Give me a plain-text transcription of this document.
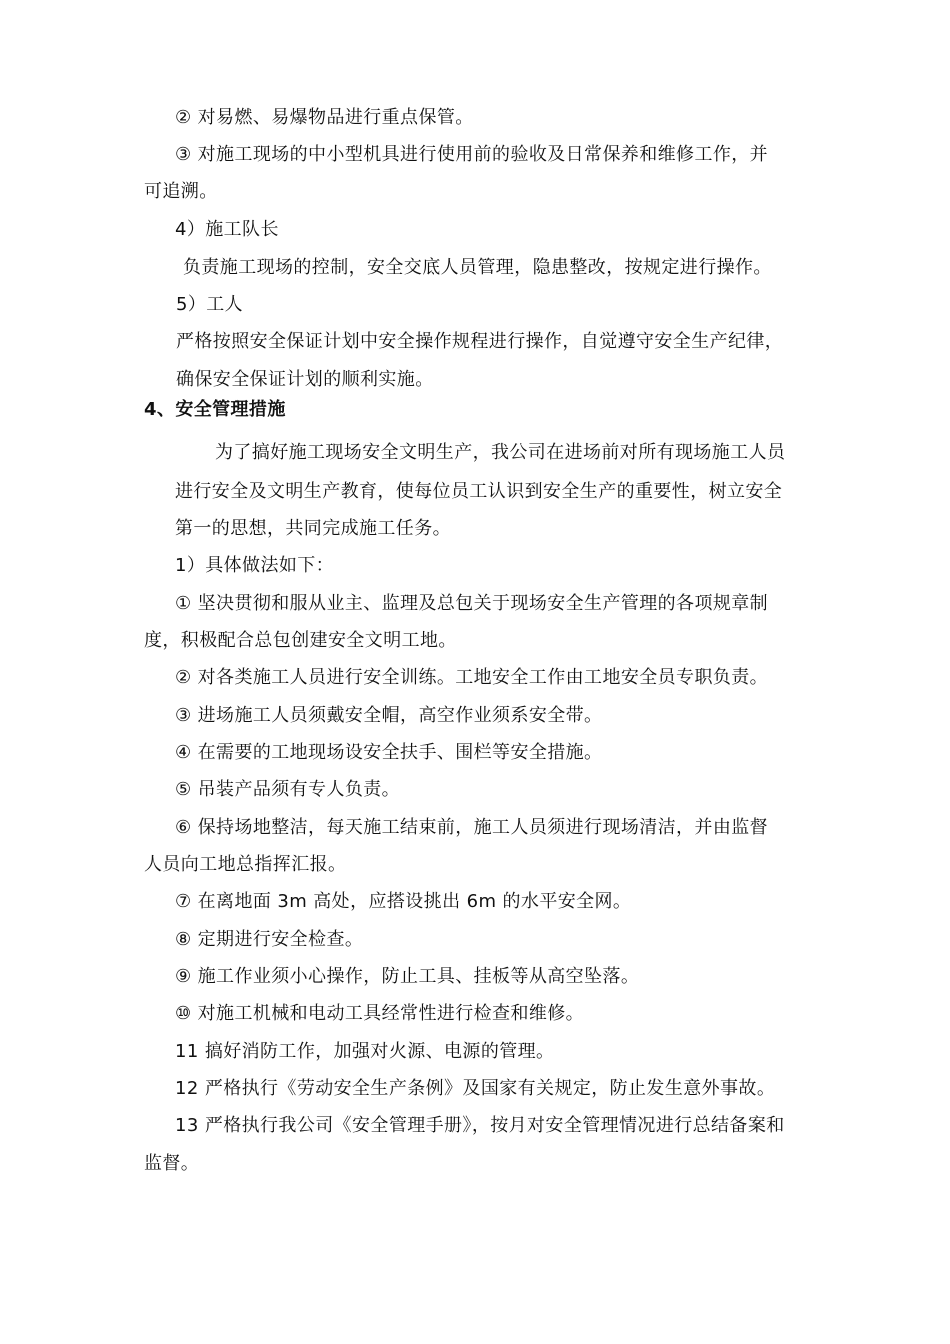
② 对易燃、易爆物品进行重点保管。

③ 对施工现场的中小型机具进行使用前的验收及日常保养和维修工作，并

可追溯。

4）施工队长

负责施工现场的控制，安全交底人员管理，隐患整改，按规定进行操作。

5）工人

严格按照安全保证计划中安全操作规程进行操作，自觉遵守安全生产纪律，

确保安全保证计划的顺利实施。

4、安全管理措施

为了搞好施工现场安全文明生产，我公司在进场前对所有现场施工人员

进行安全及文明生产教育，使每位员工认识到安全生产的重要性，树立安全

第一的思想，共同完成施工任务。

1）具体做法如下：

① 坚决贯彻和服从业主、监理及总包关于现场安全生产管理的各项规章制

度，积极配合总包创建安全文明工地。

② 对各类施工人员进行安全训练。工地安全工作由工地安全员专职负责。

③ 进场施工人员须戴安全帽，高空作业须系安全带。

④ 在需要的工地现场设安全扶手、围栏等安全措施。

⑤ 吊装产品须有专人负责。

⑥ 保持场地整洁，每天施工结束前，施工人员须进行现场清洁，并由监督

人员向工地总指挥汇报。

⑦ 在离地面 3m 高处，应搭设挑出 6m 的水平安全网。

⑧ 定期进行安全检查。

⑨ 施工作业须小心操作，防止工具、挂板等从高空坠落。

⑩ 对施工机械和电动工具经常性进行检查和维修。

11 搞好消防工作，加强对火源、电源的管理。

12 严格执行《劳动安全生产条例》及国家有关规定，防止发生意外事故。

13 严格执行我公司《安全管理手册》，按月对安全管理情况进行总结备案和

监督。
